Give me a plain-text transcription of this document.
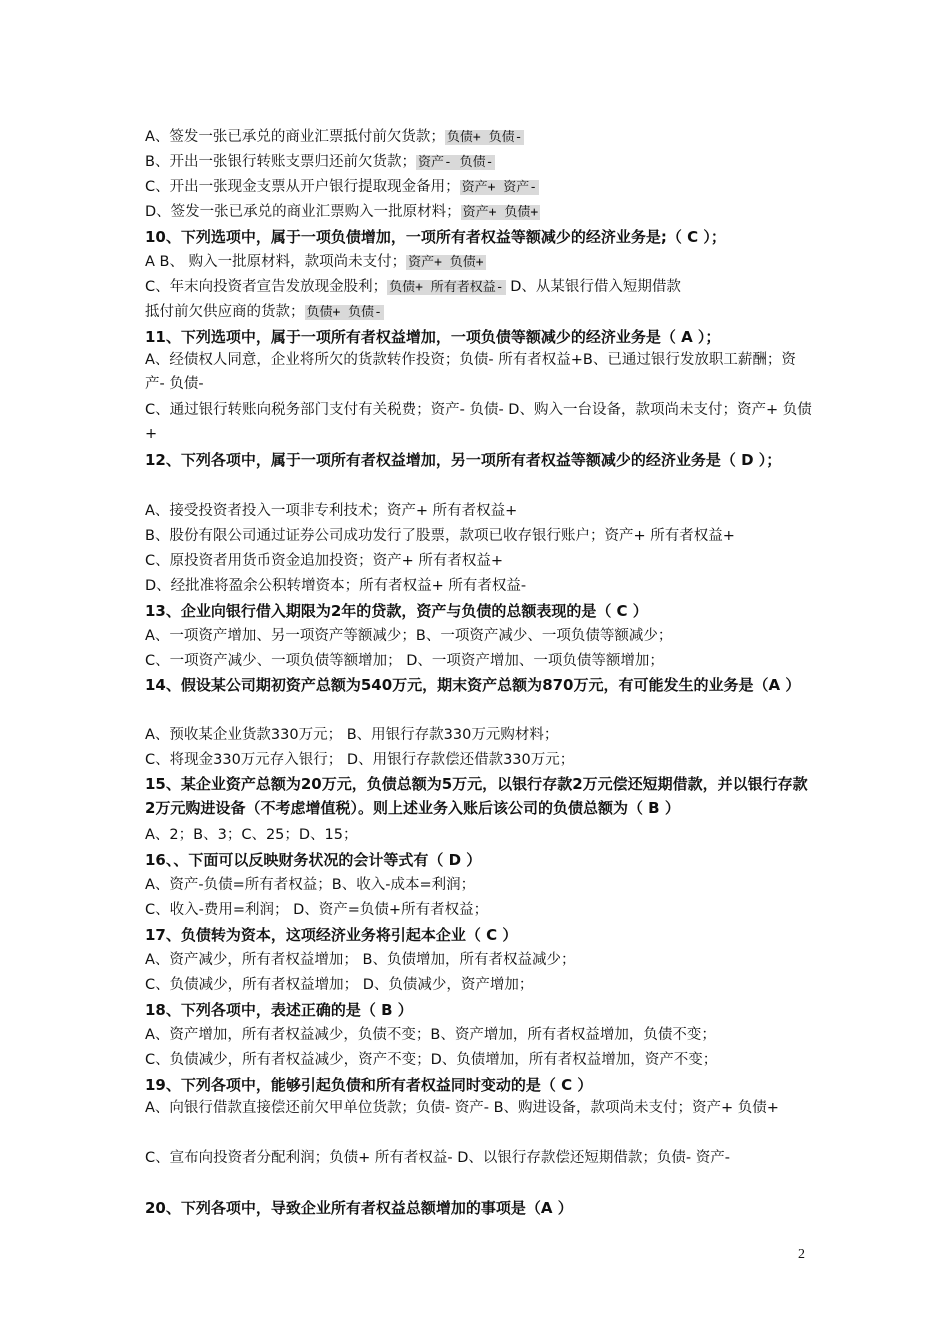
A、签发一张已承兑的商业汇票抵付前欠货款； 负债+ 负债-
B、开出一张银行转账支票归还前欠货款； 资产- 负债-
C、开出一张现金支票从开户银行提取现金备用； 资产+ 资产-
D、签发一张已承兑的商业汇票购入一批原材料； 资产+ 负债+
10、下列选项中，属于一项负债增加，一项所有者权益等额减少的经济业务是;（ C ）；
A B、 购入一批原材料，款项尚未支付； 资产+ 负债+
C、年末向投资者宣告发放现金股利； 负债+ 所有者权益- D、从某银行借入短期借款
抵付前欠供应商的货款； 负债+ 负债-
11、下列选项中，属于一项所有者权益增加，一项负债等额减少的经济业务是（ A ）；
A、经债权人同意，企业将所欠的货款转作投资；负债- 所有者权益+B、已通过银行发放职工薪酬；资产- 负债-
C、通过银行转账向税务部门支付有关税费；资产- 负债- D、购入一台设备，款项尚未支付；资产+ 负债+
12、下列各项中，属于一项所有者权益增加，另一项所有者权益等额减少的经济业务是（ D ）；
A、接受投资者投入一项非专利技术；资产+ 所有者权益+
B、股份有限公司通过证券公司成功发行了股票，款项已收存银行账户；资产+ 所有者权益+
C、原投资者用货币资金追加投资；资产+ 所有者权益+
D、经批准将盈余公积转增资本；所有者权益+ 所有者权益-
13、企业向银行借入期限为2年的贷款，资产与负债的总额表现的是（ C ）
A、一项资产增加、另一项资产等额减少；B、一项资产减少、一项负债等额减少；
C、一项资产减少、一项负债等额增加； D、一项资产增加、一项负债等额增加；
14、假设某公司期初资产总额为540万元，期末资产总额为870万元，有可能发生的业务是（A ）
A、预收某企业货款330万元； B、用银行存款330万元购材料；
C、将现金330万元存入银行； D、用银行存款偿还借款330万元；
15、某企业资产总额为20万元，负债总额为5万元，以银行存款2万元偿还短期借款，并以银行存款2万元购进设备（不考虑增值税）。则上述业务入账后该公司的负债总额为（ B ）
A、2；B、3；C、25；D、15；
16、、下面可以反映财务状况的会计等式有（ D ）
A、资产-负债=所有者权益；B、收入-成本=利润；
C、收入-费用=利润； D、资产=负债+所有者权益；
17、负债转为资本，这项经济业务将引起本企业（ C ）
A、资产减少，所有者权益增加； B、负债增加，所有者权益减少；
C、负债减少，所有者权益增加； D、负债减少，资产增加；
18、下列各项中，表述正确的是（ B ）
A、资产增加，所有者权益减少，负债不变；B、资产增加，所有者权益增加，负债不变；
C、负债减少，所有者权益减少，资产不变；D、负债增加，所有者权益增加，资产不变；
19、下列各项中，能够引起负债和所有者权益同时变动的是（ C ）
A、向银行借款直接偿还前欠甲单位货款；负债- 资产- B、购进设备，款项尚未支付；资产+ 负债+
C、宣布向投资者分配利润；负债+ 所有者权益- D、以银行存款偿还短期借款；负债- 资产-
20、下列各项中，导致企业所有者权益总额增加的事项是（A ）
2
